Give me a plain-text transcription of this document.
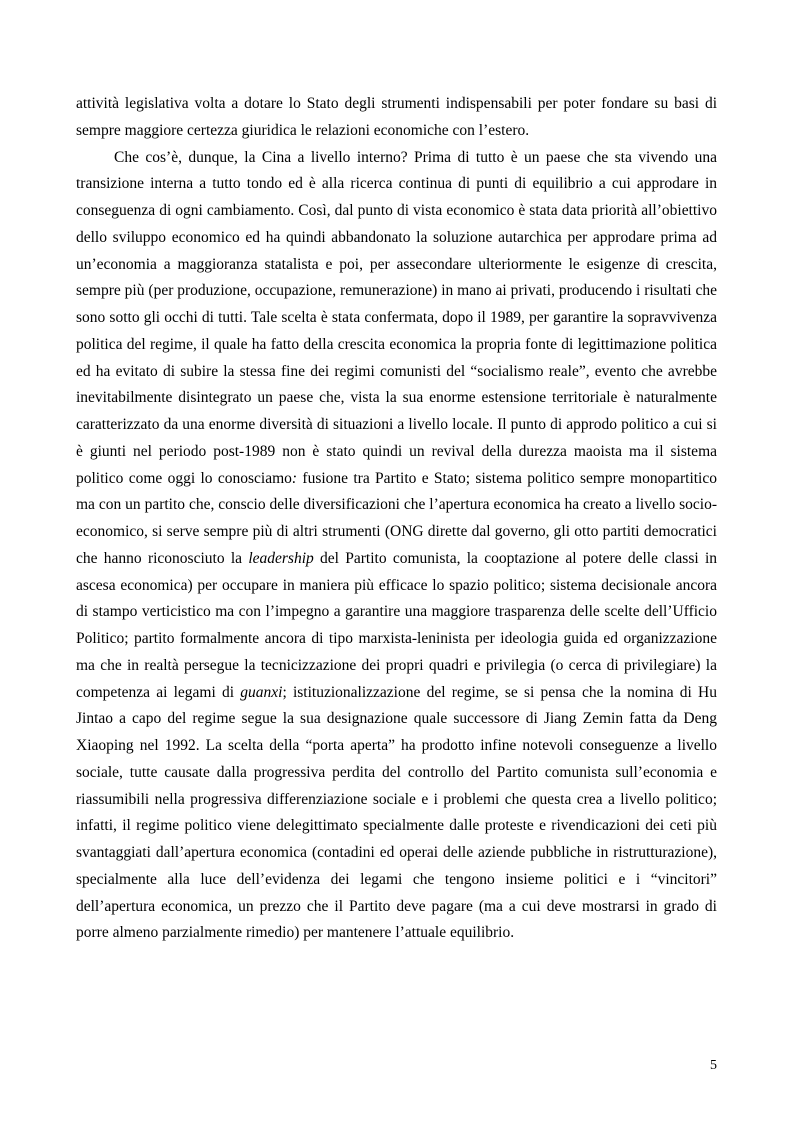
attività legislativa volta a dotare lo Stato degli strumenti indispensabili per poter fondare su basi di sempre maggiore certezza giuridica le relazioni economiche con l’estero.

Che cos’è, dunque, la Cina a livello interno? Prima di tutto è un paese che sta vivendo una transizione interna a tutto tondo ed è alla ricerca continua di punti di equilibrio a cui approdare in conseguenza di ogni cambiamento. Così, dal punto di vista economico è stata data priorità all’obiettivo dello sviluppo economico ed ha quindi abbandonato la soluzione autarchica per approdare prima ad un’economia a maggioranza statalista e poi, per assecondare ulteriormente le esigenze di crescita, sempre più (per produzione, occupazione, remunerazione) in mano ai privati, producendo i risultati che sono sotto gli occhi di tutti. Tale scelta è stata confermata, dopo il 1989, per garantire la sopravvivenza politica del regime, il quale ha fatto della crescita economica la propria fonte di legittimazione politica ed ha evitato di subire la stessa fine dei regimi comunisti del “socialismo reale”, evento che avrebbe inevitabilmente disintegrato un paese che, vista la sua enorme estensione territoriale è naturalmente caratterizzato da una enorme diversità di situazioni a livello locale. Il punto di approdo politico a cui si è giunti nel periodo post-1989 non è stato quindi un revival della durezza maoista ma il sistema politico come oggi lo conosciamo: fusione tra Partito e Stato; sistema politico sempre monopartitico ma con un partito che, conscio delle diversificazioni che l’apertura economica ha creato a livello socio-economico, si serve sempre più di altri strumenti (ONG dirette dal governo, gli otto partiti democratici che hanno riconosciuto la leadership del Partito comunista, la cooptazione al potere delle classi in ascesa economica) per occupare in maniera più efficace lo spazio politico; sistema decisionale ancora di stampo verticistico ma con l’impegno a garantire una maggiore trasparenza delle scelte dell’Ufficio Politico; partito formalmente ancora di tipo marxista-leninista per ideologia guida ed organizzazione ma che in realtà persegue la tecnicizzazione dei propri quadri e privilegia (o cerca di privilegiare) la competenza ai legami di guanxi; istituzionalizzazione del regime, se si pensa che la nomina di Hu Jintao a capo del regime segue la sua designazione quale successore di Jiang Zemin fatta da Deng Xiaoping nel 1992. La scelta della “porta aperta” ha prodotto infine notevoli conseguenze a livello sociale, tutte causate dalla progressiva perdita del controllo del Partito comunista sull’economia e riassumibili nella progressiva differenziazione sociale e i problemi che questa crea a livello politico; infatti, il regime politico viene delegittimato specialmente dalle proteste e rivendicazioni dei ceti più svantaggiati dall’apertura economica (contadini ed operai delle aziende pubbliche in ristrutturazione), specialmente alla luce dell’evidenza dei legami che tengono insieme politici e i “vincitori” dell’apertura economica, un prezzo che il Partito deve pagare (ma a cui deve mostrarsi in grado di porre almeno parzialmente rimedio) per mantenere l’attuale equilibrio.

5
